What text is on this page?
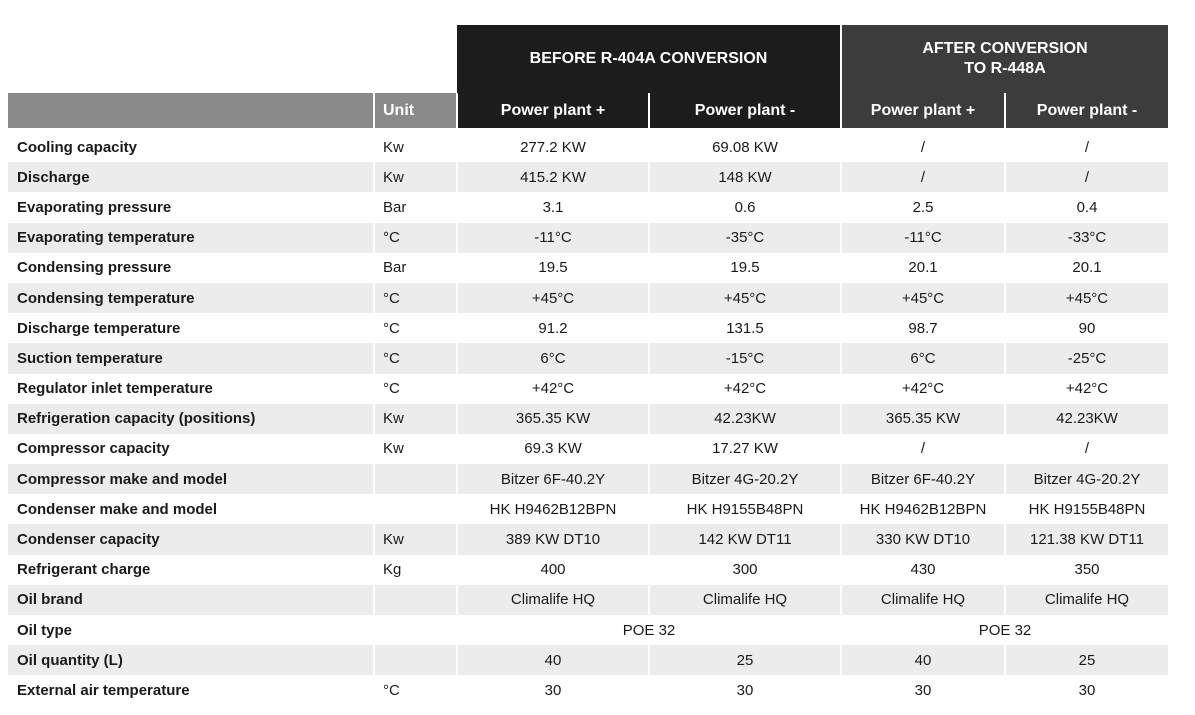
		BEFORE R-404A CONVERSION		AFTER CONVERSION
TO R-448A	
	Unit	Power plant +	Power plant -	Power plant +	Power plant -

Cooling capacity	Kw	277.2 KW	69.08 KW	/	/
Discharge	Kw	415.2 KW	148 KW	/	/
Evaporating pressure	Bar	3.1	0.6	2.5	0.4
Evaporating temperature	°C	-11°C	-35°C	-11°C	-33°C
Condensing pressure	Bar	19.5	19.5	20.1	20.1
Condensing temperature	°C	+45°C	+45°C	+45°C	+45°C
Discharge temperature	°C	91.2	131.5	98.7	90
Suction temperature	°C	6°C	-15°C	6°C	-25°C
Regulator inlet temperature	°C	+42°C	+42°C	+42°C	+42°C
Refrigeration capacity (positions)	Kw	365.35 KW	42.23KW	365.35 KW	42.23KW
Compressor capacity	Kw	69.3 KW	17.27 KW	/	/
Compressor make and model		Bitzer 6F-40.2Y	Bitzer 4G-20.2Y	Bitzer 6F-40.2Y	Bitzer 4G-20.2Y
Condenser make and model		HK H9462B12BPN	HK H9155B48PN	HK H9462B12BPN	HK H9155B48PN
Condenser capacity	Kw	389 KW DT10	142 KW DT11	330 KW DT10	121.38 KW DT11
Refrigerant charge	Kg	400	300	430	350
Oil brand		Climalife HQ	Climalife HQ	Climalife HQ	Climalife HQ
Oil type		POE 32		POE 32	
Oil quantity (L)		40	25	40	25
External air temperature	°C	30	30	30	30
